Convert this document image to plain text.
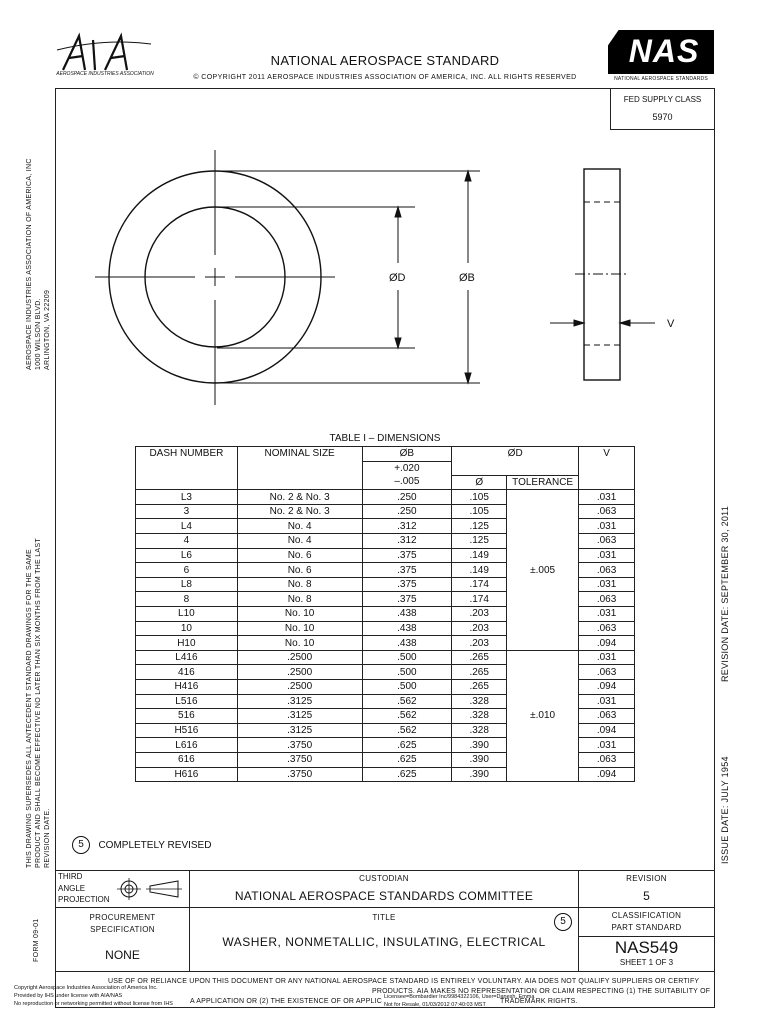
AEROSPACE INDUSTRIES ASSOCIATION
NATIONAL AEROSPACE STANDARD
© COPYRIGHT 2011 AEROSPACE INDUSTRIES ASSOCIATION OF AMERICA, INC. ALL RIGHTS RESERVED
NAS
NATIONAL AEROSPACE STANDARDS
FED SUPPLY CLASS
5970
AEROSPACE INDUSTRIES ASSOCIATION OF AMERICA, INC 1000 WILSON BLVD. ARLINGTON, VA 22209
THIS DRAWING SUPERSEDES ALL ANTECEDENT STANDARD DRAWINGS FOR THE SAME PRODUCT AND SHALL BECOME EFFECTIVE NO LATER THAN SIX MONTHS FROM THE LAST REVISION DATE.
FORM 09-01
REVISION DATE: SEPTEMBER 30, 2011
ISSUE DATE: JULY 1954
ØD	ØB
V
TABLE I – DIMENSIONS
DASH NUMBER	NOMINAL SIZE	ØB	ØD		V
		+.020			
		–.005	Ø	TOLERANCE	
L3	No. 2 & No. 3	.250	.105	±.005	.031
3	No. 2 & No. 3	.250	.105		.063
L4	No. 4	.312	.125		.031
4	No. 4	.312	.125		.063
L6	No. 6	.375	.149		.031
6	No. 6	.375	.149		.063
L8	No. 8	.375	.174		.031
8	No. 8	.375	.174		.063
L10	No. 10	.438	.203		.031
10	No. 10	.438	.203		.063
H10	No. 10	.438	.203		.094
L416	.2500	.500	.265	±.010	.031
416	.2500	.500	.265		.063
H416	.2500	.500	.265		.094
L516	.3125	.562	.328		.031
516	.3125	.562	.328		.063
H516	.3125	.562	.328		.094
L616	.3750	.625	.390		.031
616	.3750	.625	.390		.063
H616	.3750	.625	.390		.094
5 COMPLETELY REVISED
THIRD
ANGLE
PROJECTION
CUSTODIAN
NATIONAL AEROSPACE STANDARDS COMMITTEE
REVISION
5
PROCUREMENT
SPECIFICATION
NONE
TITLE	5
WASHER, NONMETALLIC, INSULATING, ELECTRICAL
CLASSIFICATION
PART STANDARD
NAS549
SHEET 1 OF 3
USE OF OR RELIANCE UPON THIS DOCUMENT OR ANY NATIONAL AEROSPACE STANDARD IS ENTIRELY VOLUNTARY. AIA DOES NOT QUALIFY SUPPLIERS OR CERTIFY
PRODUCTS. AIA MAKES NO REPRESENTATION OR CLAIM RESPECTING (1) THE SUITABILITY OF
A APPLICATION OR (2) THE EXISTENCE OF OR APPLIC	TRADEMARK RIGHTS.
Copyright Aerospace Industries Association of America Inc.
Provided by IHS under license with AIA/NAS
No reproduction or networking permitted without license from IHS
Licensee=Bombardier Inc/9984322106, User=Danesh, Emma
Not for Resale, 01/03/2012 07:40:03 MST
